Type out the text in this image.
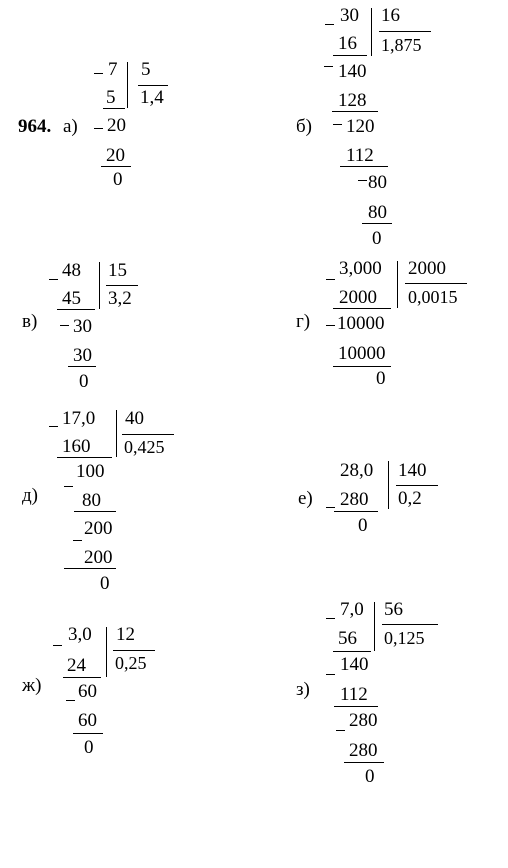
964. а)
7
5
5
1,4
20
20
0
б)
30
16
16
1,875
140
128
120
112
80
80
0
в)
48
45
15
3,2
30
30
0
г)
3,000
2000
2000
0,0015
10000
10000
0
д)
17,0
160
40
0,425
100
80
200
200
0
е)
28,0
280
140
0,2
0
ж)
3,0
24
12
0,25
60
60
0
з)
7,0
56
56
0,125
140
112
280
280
0
